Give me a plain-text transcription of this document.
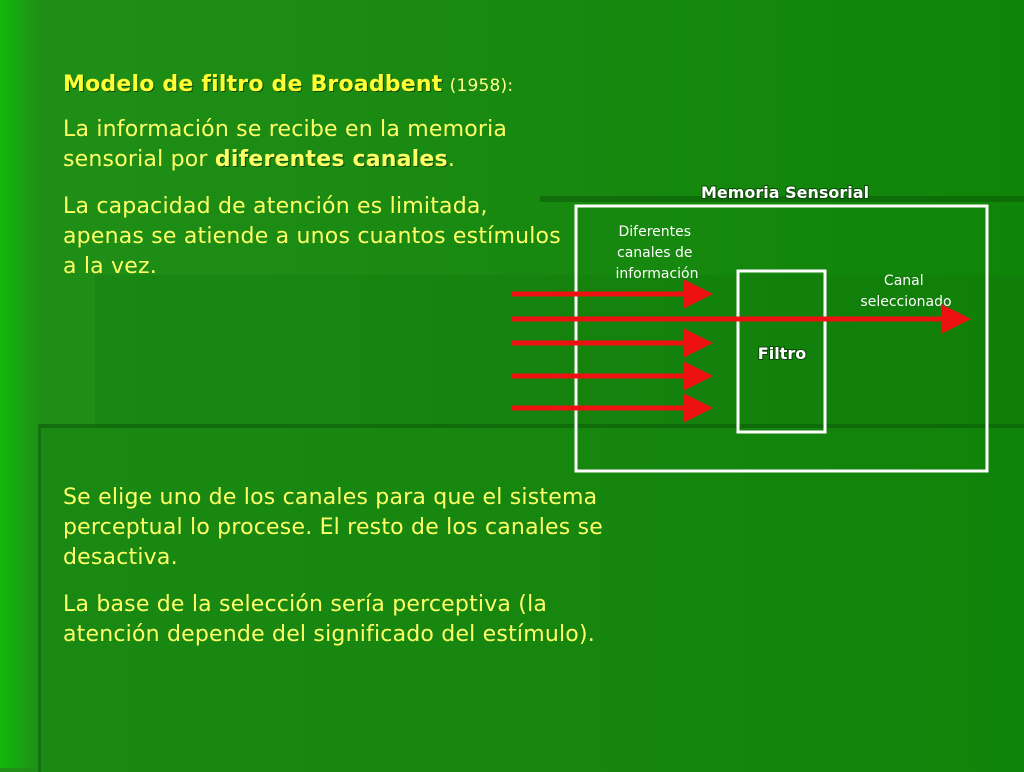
Modelo de filtro de Broadbent (1958):
La información se recibe en la memoria sensorial por diferentes canales.
La capacidad de atención es limitada, apenas se atiende a unos cuantos estímulos a la vez.
Se elige uno de los canales para que el sistema perceptual lo procese. El resto de los canales se desactiva.
La base de la selección sería perceptiva (la atención depende del significado del estímulo).
Memoria Sensorial
Filtro
Diferentes canales de información	Canal seleccionado
